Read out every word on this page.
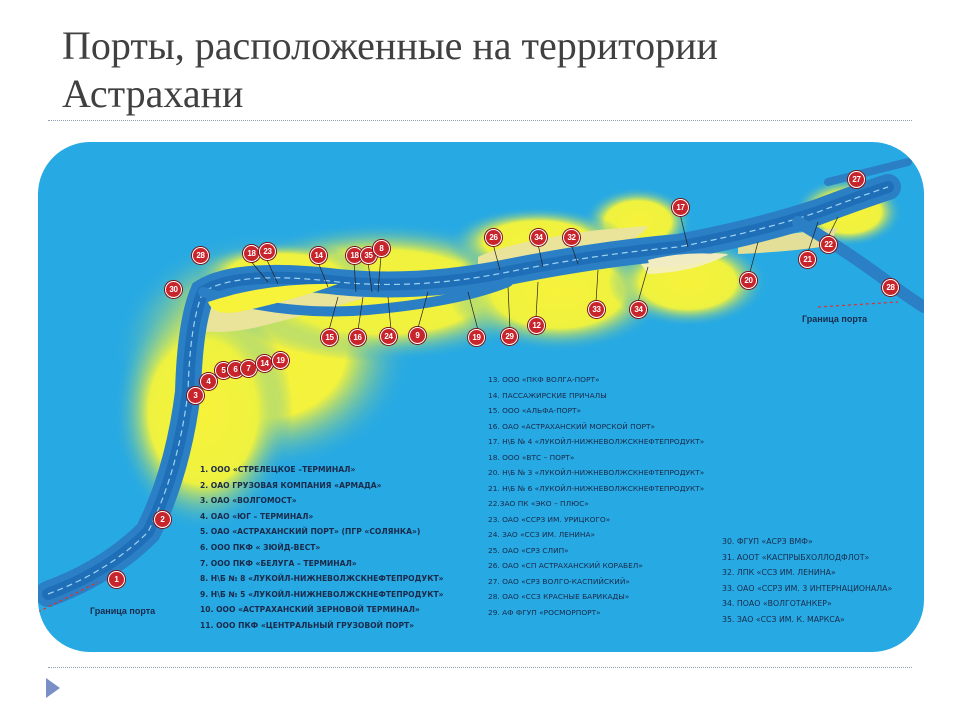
Порты, расположенные на территории Астрахани
1
2
3
4
5 6	7
14 19
15	16	24	9	19	29
12
33	34
28
30
18 23	14	18 35
8
26	34	32
17
27
22
21
20
28
Граница порта
Граница порта
1. ООО «СТРЕЛЕЦКОЕ –ТЕРМИНАЛ»
2. ОАО ГРУЗОВАЯ КОМПАНИЯ «АРМАДА»
3. ОАО «ВОЛГОМОСТ»
4. ОАО «ЮГ – ТЕРМИНАЛ»
5. ОАО «АСТРАХАНСКИЙ ПОРТ» (ПГР «СОЛЯНКА»)
6. ООО ПКФ « ЗЮЙД-ВЕСТ»
7. ООО ПКФ «БЕЛУГА – ТЕРМИНАЛ»
8. Н\Б № 8 «ЛУКОЙЛ-НИЖНЕВОЛЖСКНЕФТЕПРОДУКТ»
9. Н\Б № 5 «ЛУКОЙЛ-НИЖНЕВОЛЖСКНЕФТЕПРОДУКТ»
10. ООО «АСТРАХАНСКИЙ ЗЕРНОВОЙ ТЕРМИНАЛ»
11. ООО ПКФ «ЦЕНТРАЛЬНЫЙ ГРУЗОВОЙ ПОРТ»
13. ООО «ПКФ ВОЛГА-ПОРТ»
14. ПАССАЖИРСКИЕ ПРИЧАЛЫ
15. ООО «АЛЬФА-ПОРТ»
16. ОАО «АСТРАХАНСКИЙ МОРСКОЙ ПОРТ»
17. Н\Б № 4 «ЛУКОЙЛ-НИЖНЕВОЛЖСКНЕФТЕПРОДУКТ»
18. ООО «ВТС – ПОРТ»
20. Н\Б № 3 «ЛУКОЙЛ-НИЖНЕВОЛЖСКНЕФТЕПРОДУКТ»
21. Н\Б № 6 «ЛУКОЙЛ-НИЖНЕВОЛЖСКНЕФТЕПРОДУКТ»
22.ЗАО ПК «ЭКО – ПЛЮС»
23. ОАО «ССРЗ ИМ. УРИЦКОГО»
24. ЗАО «ССЗ ИМ. ЛЕНИНА»
25. ОАО «СРЗ СЛИП»
26. ОАО «СП АСТРАХАНСКИЙ КОРАБЕЛ»
27. ОАО «СРЗ ВОЛГО-КАСПИЙСКИЙ»
28. ОАО «ССЗ КРАСНЫЕ БАРИКАДЫ»
29. АФ ФГУП «РОСМОРПОРТ»
30. ФГУП «АСРЗ ВМФ»
31. АООТ «КАСПРЫБХОЛЛОДФЛОТ»
32. ЛПК «ССЗ ИМ. ЛЕНИНА»
33. ОАО «ССРЗ ИМ. 3 ИНТЕРНАЦИОНАЛА»
34. ПОАО «ВОЛГОТАНКЕР»
35. ЗАО «ССЗ ИМ. К. МАРКСА»
